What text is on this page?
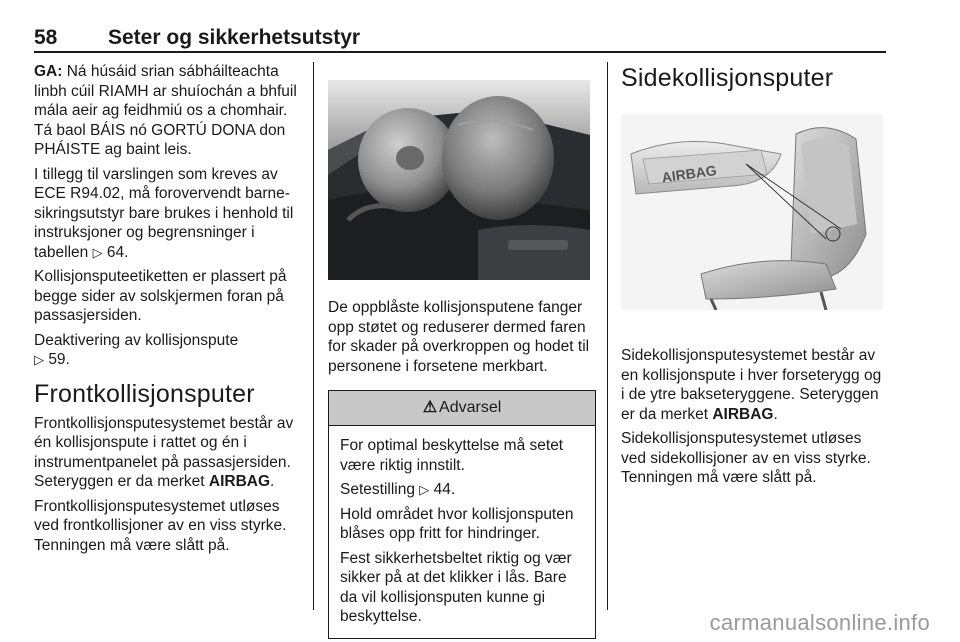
58 Seter og sikkerhetsutstyr

GA: Ná húsáid srian sábháilteachta linbh cúil RIAMH ar shuíochán a bhfuil mála aeir ag feidhmiú os a chomhair. Tá baol BÁIS nó GORTÚ DONA don PHÁISTE ag baint leis.

I tillegg til varslingen som kreves av ECE R94.02, må forovervendt barnesikringsutstyr bare brukes i henhold til instruksjoner og begrensninger i tabellen ▷ 64.

Kollisjonsputeetiketten er plassert på begge sider av solskjermen foran på passasjersiden.

Deaktivering av kollisjonspute
▷ 59.

Frontkollisjonsputer

Frontkollisjonsputesystemet består av én kollisjonspute i rattet og én i instrumentpanelet på passasjersiden. Seteryggen er da merket AIRBAG.

Frontkollisjonsputesystemet utløses ved frontkollisjoner av en viss styrke. Tenningen må være slått på.

De oppblåste kollisjonsputene fanger opp støtet og reduserer dermed faren for skader på overkroppen og hodet til personene i forsetene merkbart.

⚠ Advarsel

For optimal beskyttelse må setet være riktig innstilt.

Setestilling ▷ 44.

Hold området hvor kollisjonsputen blåses opp fritt for hindringer.

Fest sikkerhetsbeltet riktig og vær sikker på at det klikker i lås. Bare da vil kollisjonsputen kunne gi beskyttelse.

Sidekollisjonsputer
AIRBAG

Sidekollisjonsputesystemet består av en kollisjonspute i hver forseterygg og i de ytre bakseteryggene. Seteryggen er da merket AIRBAG.

Sidekollisjonsputesystemet utløses ved sidekollisjoner av en viss styrke. Tenningen må være slått på.

carmanualsonline.info
